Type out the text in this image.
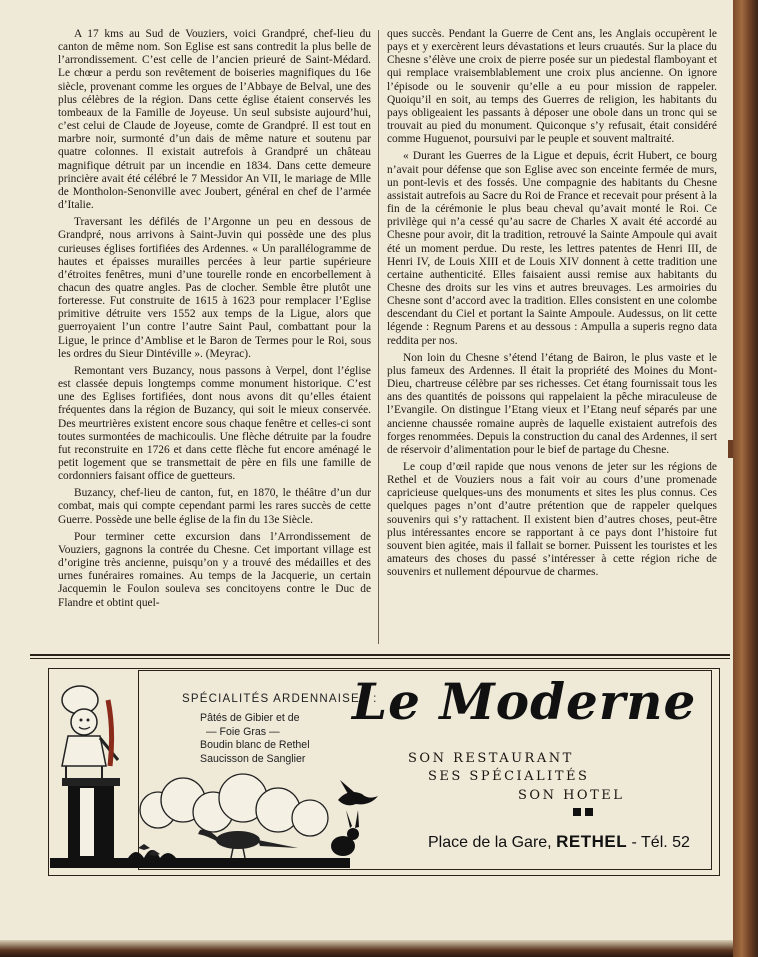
A 17 kms au Sud de Vouziers, voici Grandpré, chef-lieu du canton de même nom. Son Eglise est sans contredit la plus belle de l’arrondissement. C’est celle de l’ancien prieuré de Saint-Médard. Le chœur a perdu son revêtement de boiseries magnifiques du 16e siècle, provenant comme les orgues de l’Abbaye de Belval, une des plus célèbres de la région. Dans cette église étaient conservés les tombeaux de la Famille de Joyeuse. Un seul subsiste aujourd’hui, c’est celui de Claude de Joyeuse, comte de Grandpré. Il est tout en marbre noir, surmonté d’un dais de même nature et soutenu par quatre colonnes. Il existait autrefois à Grandpré un château magnifique détruit par un incendie en 1834. Dans cette demeure princière avait été célébré le 7 Messidor An VII, le mariage de Mlle de Montholon-Senonville avec Joubert, général en chef de l’armée d’Italie.

Traversant les défilés de l’Argonne un peu en dessous de Grandpré, nous arrivons à Saint-Juvin qui possède une des plus curieuses églises fortifiées des Ardennes. « Un parallélogramme de hautes et épaisses murailles percées à leur partie supérieure d’étroites fenêtres, muni d’une tourelle ronde en encorbellement à chacun des quatre angles. Pas de clocher. Semble être plutôt une forteresse. Fut construite de 1615 à 1623 pour remplacer l’Eglise primitive détruite vers 1552 aux temps de la Ligue, alors que guerroyaient l’un contre l’autre Saint Paul, combattant pour la Ligue, le prince d’Amblise et le Baron de Termes pour le Roi, sous les ordres du Sieur Dintéville ». (Meyrac).

Remontant vers Buzancy, nous passons à Verpel, dont l’église est classée depuis longtemps comme monument historique. C’est une des Eglises fortifiées, dont nous avons dit qu’elles étaient fréquentes dans la région de Buzancy, qui soit le mieux conservée. Des meurtrières existent encore sous chaque fenêtre et celles-ci sont toutes surmontées de machicoulis. Une flèche détruite par la foudre fut reconstruite en 1726 et dans cette flèche fut encore aménagé le petit logement que se transmettait de père en fils une famille de cordonniers faisant office de guetteurs.

Buzancy, chef-lieu de canton, fut, en 1870, le théâtre d’un dur combat, mais qui compte cependant parmi les rares succès de cette Guerre. Possède une belle église de la fin du 13e Siècle.

Pour terminer cette excursion dans l’Arrondissement de Vouziers, gagnons la contrée du Chesne. Cet important village est d’origine très ancienne, puisqu’on y a trouvé des médailles et des urnes funéraires romaines. Au temps de la Jacquerie, un certain Jacquemin le Foulon souleva ses concitoyens contre le Duc de Flandre et obtint quel-

ques succès. Pendant la Guerre de Cent ans, les Anglais occupèrent le pays et y exercèrent leurs dévastations et leurs cruautés. Sur la place du Chesne s’élève une croix de pierre posée sur un piedestal flamboyant et qui remplace vraisemblablement une croix plus ancienne. On ignore l’épisode ou le souvenir qu’elle a eu pour mission de rappeler. Quoiqu’il en soit, au temps des Guerres de religion, les habitants du pays obligeaient les passants à déposer une obole dans un tronc qui se trouvait au pied du monument. Quiconque s’y refusait, était considéré comme Huguenot, poursuivi par le peuple et souvent maltraité.

« Durant les Guerres de la Ligue et depuis, écrit Hubert, ce bourg n’avait pour défense que son Eglise avec son enceinte fermée de murs, un pont-levis et des fossés. Une compagnie des habitants du Chesne assistait autrefois au Sacre du Roi de France et recevait pour présent à la fin de la cérémonie le plus beau cheval qu’avait monté le Roi. Ce privilège qui n’a cessé qu’au sacre de Charles X avait été accordé au Chesne pour avoir, dit la tradition, retrouvé la Sainte Ampoule qui avait été un moment perdue. Du reste, les lettres patentes de Henri III, de Henri IV, de Louis XIII et de Louis XIV donnent à cette tradition une certaine authenticité. Elles faisaient aussi remise aux habitants du Chesne des droits sur les vins et autres breuvages. Les armoiries du Chesne sont d’accord avec la tradition. Elles consistent en une colombe descendant du Ciel et portant la Sainte Ampoule. Audessus, on lit cette légende : Regnum Parens et au dessous : Ampulla a superis regno data reddita per nos.

Non loin du Chesne s’étend l’étang de Bairon, le plus vaste et le plus fameux des Ardennes. Il était la propriété des Moines du Mont-Dieu, chartreuse célèbre par ses richesses. Cet étang fournissait tous les ans des quantités de poissons qui rappelaient la pêche miraculeuse de l’Evangile. On distingue l’Etang vieux et l’Etang neuf séparés par une ancienne chaussée romaine auprès de laquelle existaient autrefois des forges renommées. Depuis la construction du canal des Ardennes, il sert de réservoir d’alimentation pour le bief de partage du Chesne.

Le coup d’œil rapide que nous venons de jeter sur les régions de Rethel et de Vouziers nous a fait voir au cours d’une promenade capricieuse quelques-uns des monuments et sites les plus connus. Ces quelques pages n’ont d’autre prétention que de rappeler quelques souvenirs qui s’y rattachent. Il existent bien d’autres choses, peut-être plus intéressantes encore se rapportant à ce pays dont l’histoire fut souvent bien agitée, mais il fallait se borner. Puissent les touristes et les amateurs des choses du passé s’intéresser à cette région riche de souvenirs et nullement dépourvue de charmes.

SPÉCIALITÉS ARDENNAISES :
Pâtés de Gibier et de
— Foie Gras —
Boudin blanc de Rethel
Saucisson de Sanglier
Le Moderne
SON RESTAURANT
SES SPÉCIALITÉS
SON HOTEL
Place de la Gare, RETHEL - Tél. 52
